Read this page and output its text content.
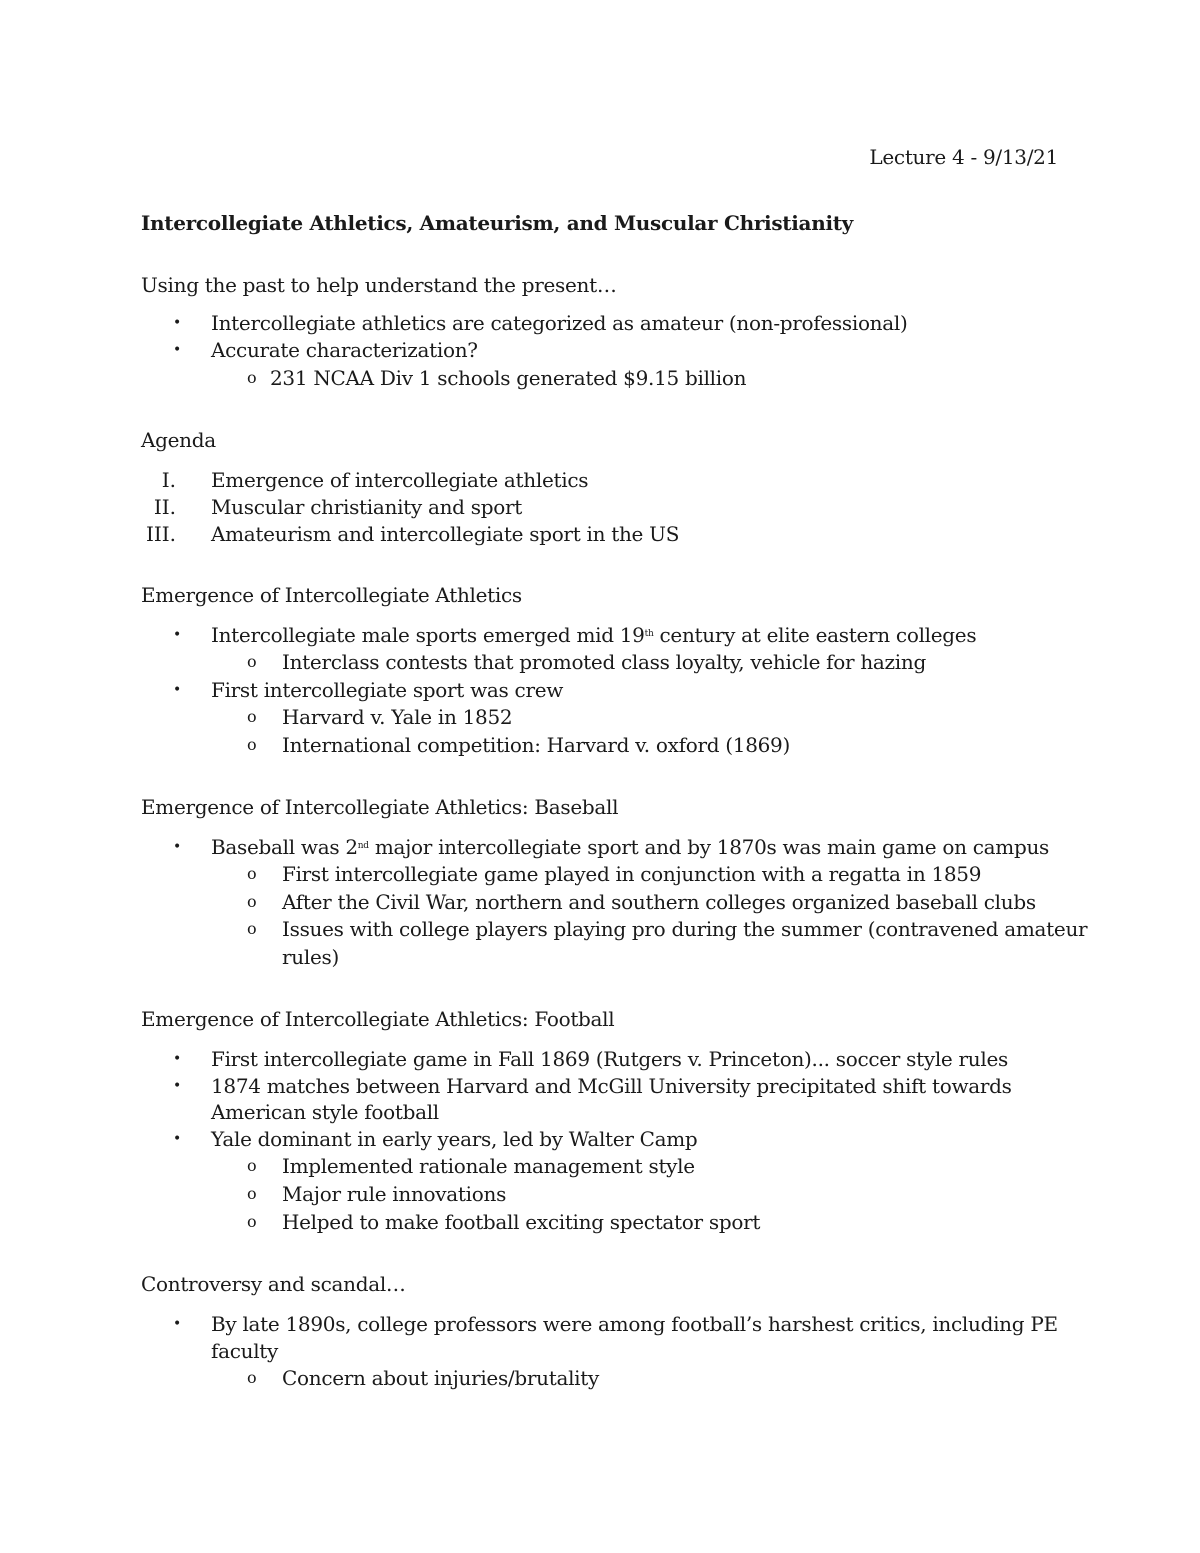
Lecture 4 - 9/13/21
Intercollegiate Athletics, Amateurism, and Muscular Christianity
Using the past to help understand the present…
• Intercollegiate athletics are categorized as amateur (non-professional)
• Accurate characterization?
o 231 NCAA Div 1 schools generated $9.15 billion
Agenda
I. Emergence of intercollegiate athletics
II. Muscular christianity and sport
III. Amateurism and intercollegiate sport in the US
Emergence of Intercollegiate Athletics
• Intercollegiate male sports emerged mid 19th century at elite eastern colleges
o Interclass contests that promoted class loyalty, vehicle for hazing
• First intercollegiate sport was crew
o Harvard v. Yale in 1852
o International competition: Harvard v. oxford (1869)
Emergence of Intercollegiate Athletics: Baseball
• Baseball was 2nd major intercollegiate sport and by 1870s was main game on campus
o First intercollegiate game played in conjunction with a regatta in 1859
o After the Civil War, northern and southern colleges organized baseball clubs
o Issues with college players playing pro during the summer (contravened amateur
rules)
Emergence of Intercollegiate Athletics: Football
• First intercollegiate game in Fall 1869 (Rutgers v. Princeton)... soccer style rules
• 1874 matches between Harvard and McGill University precipitated shift towards
American style football
• Yale dominant in early years, led by Walter Camp
o Implemented rationale management style
o Major rule innovations
o Helped to make football exciting spectator sport
Controversy and scandal…
• By late 1890s, college professors were among football’s harshest critics, including PE
faculty
o Concern about injuries/brutality
